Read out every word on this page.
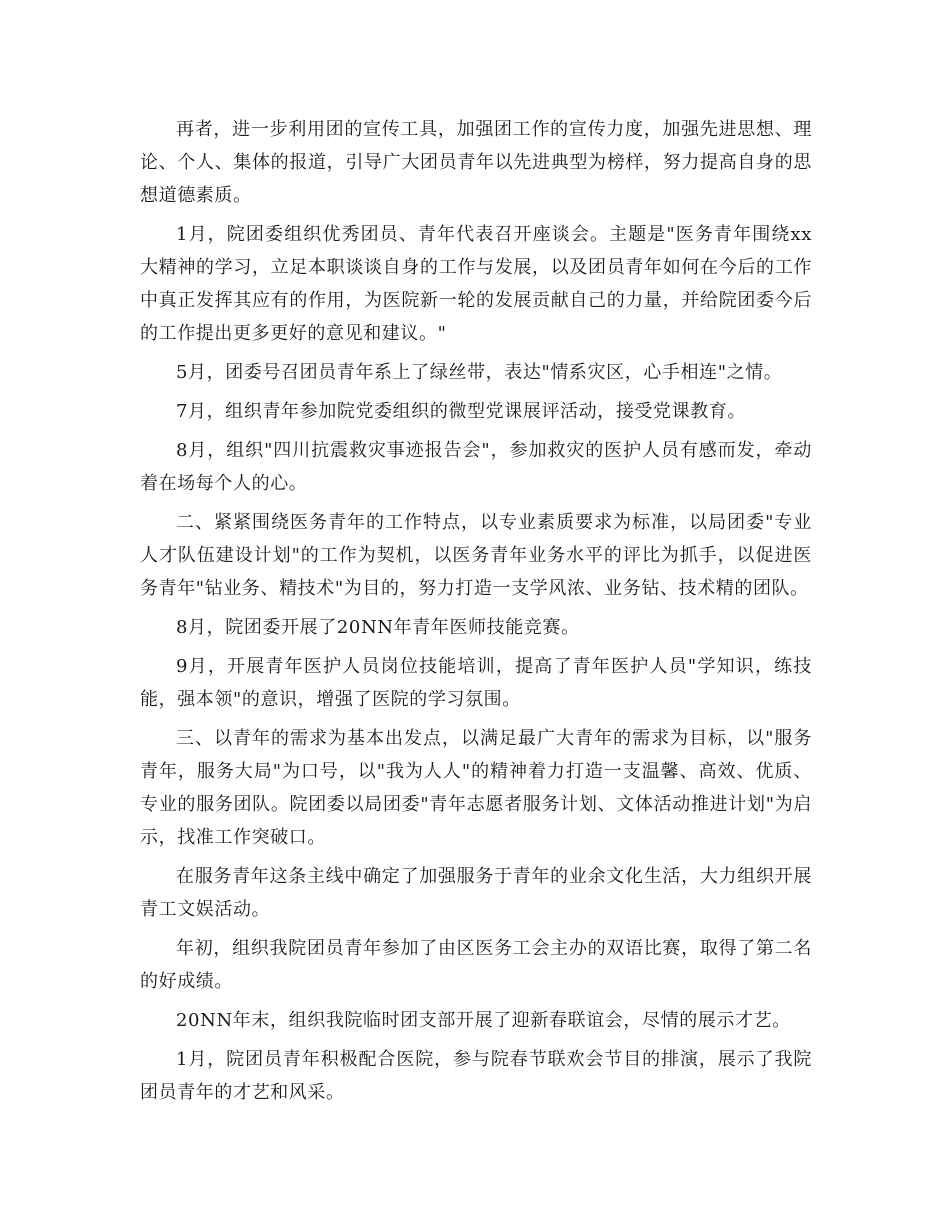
再者，进一步利用团的宣传工具，加强团工作的宣传力度，加强先进思想、理论、个人、集体的报道，引导广大团员青年以先进典型为榜样，努力提高自身的思想道德素质。

1月，院团委组织优秀团员、青年代表召开座谈会。主题是"医务青年围绕xx大精神的学习，立足本职谈谈自身的工作与发展，以及团员青年如何在今后的工作中真正发挥其应有的作用，为医院新一轮的发展贡献自己的力量，并给院团委今后的工作提出更多更好的意见和建议。"

5月，团委号召团员青年系上了绿丝带，表达"情系灾区，心手相连"之情。

7月，组织青年参加院党委组织的微型党课展评活动，接受党课教育。

8月，组织"四川抗震救灾事迹报告会"，参加救灾的医护人员有感而发，牵动着在场每个人的心。

二、紧紧围绕医务青年的工作特点，以专业素质要求为标准，以局团委"专业人才队伍建设计划"的工作为契机，以医务青年业务水平的评比为抓手，以促进医务青年"钻业务、精技术"为目的，努力打造一支学风浓、业务钻、技术精的团队。

8月，院团委开展了20NN年青年医师技能竞赛。

9月，开展青年医护人员岗位技能培训，提高了青年医护人员"学知识，练技能，强本领"的意识，增强了医院的学习氛围。

三、以青年的需求为基本出发点，以满足最广大青年的需求为目标，以"服务青年，服务大局"为口号，以"我为人人"的精神着力打造一支温馨、高效、优质、专业的服务团队。院团委以局团委"青年志愿者服务计划、文体活动推进计划"为启示，找准工作突破口。

在服务青年这条主线中确定了加强服务于青年的业余文化生活，大力组织开展青工文娱活动。

年初，组织我院团员青年参加了由区医务工会主办的双语比赛，取得了第二名的好成绩。

20NN年末，组织我院临时团支部开展了迎新春联谊会，尽情的展示才艺。

1月，院团员青年积极配合医院，参与院春节联欢会节目的排演，展示了我院团员青年的才艺和风采。
